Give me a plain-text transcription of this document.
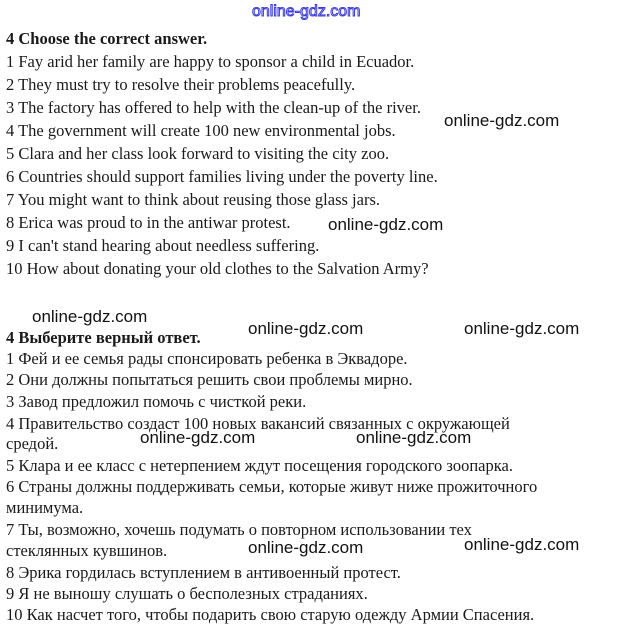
online-gdz.com
4 Choose the correct answer.
1 Fay arid her family are happy to sponsor a child in Ecuador.
2 They must try to resolve their problems peacefully.
3 The factory has offered to help with the clean-up of the river.
4 The government will create 100 new environmental jobs.
5 Clara and her class look forward to visiting the city zoo.
6 Countries should support families living under the poverty line.
7 You might want to think about reusing those glass jars.
8 Erica was proud to in the antiwar protest.
9 I can't stand hearing about needless suffering.
10 How about donating your old clothes to the Salvation Army?
4 Выберите верный ответ.
1 Фей и ее семья рады спонсировать ребенка в Эквадоре.
2 Они должны попытаться решить свои проблемы мирно.
3 Завод предложил помочь с чисткой реки.
4 Правительство создаст 100 новых вакансий связанных с окружающей
средой.
5 Клара и ее класс с нетерпением ждут посещения городского зоопарка.
6 Страны должны поддерживать семьи, которые живут ниже прожиточного
минимума.
7 Ты, возможно, хочешь подумать о повторном использовании тех
стеклянных кувшинов.
8 Эрика гордилась вступлением в антивоенный протест.
9 Я не выношу слушать о бесполезных страданиях.
10 Как насчет того, чтобы подарить свою старую одежду Армии Спасения.
online-gdz.com
online-gdz.com
online-gdz.com
online-gdz.com	online-gdz.com
online-gdz.com	online-gdz.com
online-gdz.com	online-gdz.com
